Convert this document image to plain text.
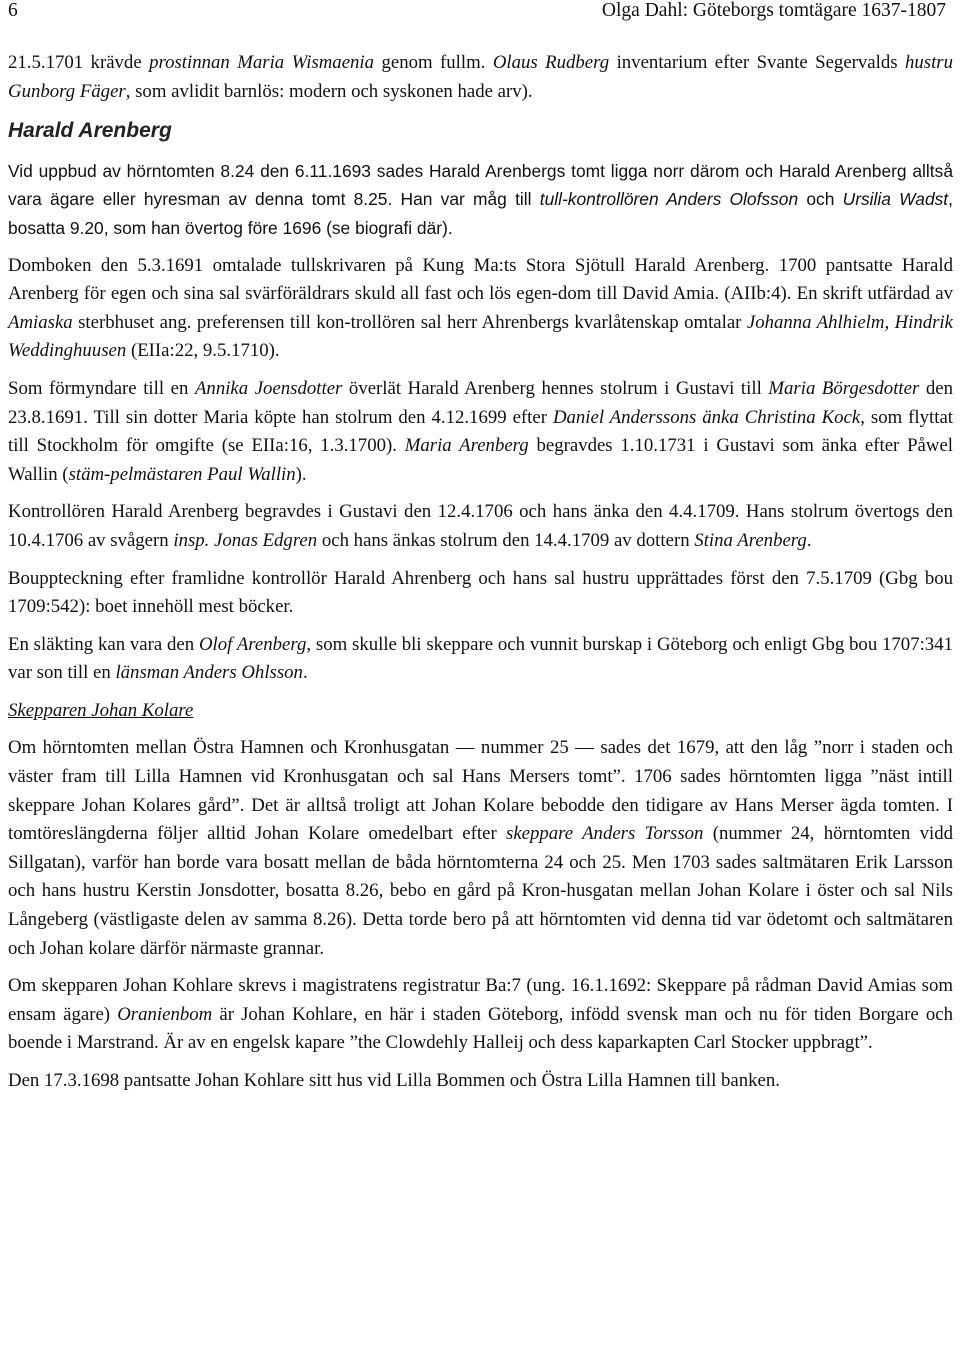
6	Olga Dahl: Göteborgs tomtägare 1637-1807

21.5.1701 krävde prostinnan Maria Wismaenia genom fullm. Olaus Rudberg inventarium efter Svante Segervalds hustru Gunborg Fäger, som avlidit barnlös: modern och syskonen hade arv).

Harald Arenberg

Vid uppbud av hörntomten 8.24 den 6.11.1693 sades Harald Arenbergs tomt ligga norr därom och Harald Arenberg alltså vara ägare eller hyresman av denna tomt 8.25. Han var måg till tull-kontrollören Anders Olofsson och Ursilia Wadst, bosatta 9.20, som han övertog före 1696 (se biografi där).

Domboken den 5.3.1691 omtalade tullskrivaren på Kung Ma:ts Stora Sjötull Harald Arenberg. 1700 pantsatte Harald Arenberg för egen och sina sal svärföräldrars skuld all fast och lös egen-dom till David Amia. (AIIb:4). En skrift utfärdad av Amiaska sterbhuset ang. preferensen till kon-trollören sal herr Ahrenbergs kvarlåtenskap omtalar Johanna Ahlhielm, Hindrik Weddinghuusen (EIIa:22, 9.5.1710).

Som förmyndare till en Annika Joensdotter överlät Harald Arenberg hennes stolrum i Gustavi till Maria Börgesdotter den 23.8.1691. Till sin dotter Maria köpte han stolrum den 4.12.1699 efter Daniel Anderssons änka Christina Kock, som flyttat till Stockholm för omgifte (se EIIa:16, 1.3.1700). Maria Arenberg begravdes 1.10.1731 i Gustavi som änka efter Påwel Wallin (stäm-pelmästaren Paul Wallin).

Kontrollören Harald Arenberg begravdes i Gustavi den 12.4.1706 och hans änka den 4.4.1709. Hans stolrum övertogs den 10.4.1706 av svågern insp. Jonas Edgren och hans änkas stolrum den 14.4.1709 av dottern Stina Arenberg.

Bouppteckning efter framlidne kontrollör Harald Ahrenberg och hans sal hustru upprättades först den 7.5.1709 (Gbg bou 1709:542): boet innehöll mest böcker.

En släkting kan vara den Olof Arenberg, som skulle bli skeppare och vunnit burskap i Göteborg och enligt Gbg bou 1707:341 var son till en länsman Anders Ohlsson.

Skepparen Johan Kolare

Om hörntomten mellan Östra Hamnen och Kronhusgatan — nummer 25 — sades det 1679, att den låg ”norr i staden och väster fram till Lilla Hamnen vid Kronhusgatan och sal Hans Mersers tomt”. 1706 sades hörntomten ligga ”näst intill skeppare Johan Kolares gård”. Det är alltså troligt att Johan Kolare bebodde den tidigare av Hans Merser ägda tomten. I tomtöreslängderna följer alltid Johan Kolare omedelbart efter skeppare Anders Torsson (nummer 24, hörntomten vidd Sillgatan), varför han borde vara bosatt mellan de båda hörntomterna 24 och 25. Men 1703 sades saltmätaren Erik Larsson och hans hustru Kerstin Jonsdotter, bosatta 8.26, bebo en gård på Kron-husgatan mellan Johan Kolare i öster och sal Nils Långeberg (västligaste delen av samma 8.26). Detta torde bero på att hörntomten vid denna tid var ödetomt och saltmätaren och Johan kolare därför närmaste grannar.

Om skepparen Johan Kohlare skrevs i magistratens registratur Ba:7 (ung. 16.1.1692: Skeppare på rådman David Amias som ensam ägare) Oranienbom är Johan Kohlare, en här i staden Göteborg, infödd svensk man och nu för tiden Borgare och boende i Marstrand. Är av en engelsk kapare ”the Clowdehly Halleij och dess kaparkapten Carl Stocker uppbragt”.

Den 17.3.1698 pantsatte Johan Kohlare sitt hus vid Lilla Bommen och Östra Lilla Hamnen till banken.
